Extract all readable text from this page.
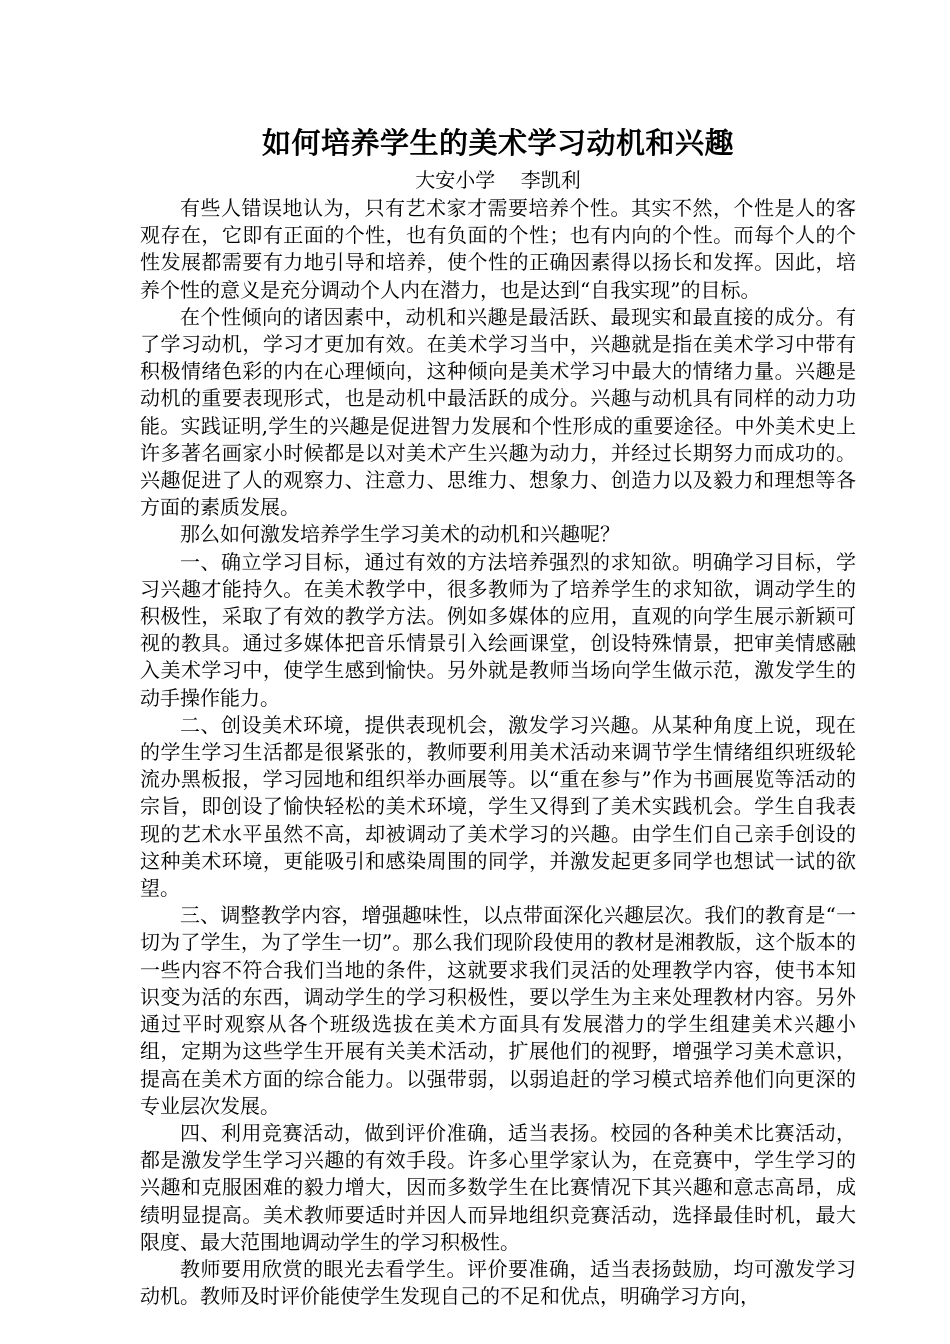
如何培养学生的美术学习动机和兴趣
大安小学    李凯利

有些人错误地认为，只有艺术家才需要培养个性。其实不然，个性是人的客观存在，它即有正面的个性，也有负面的个性；也有内向的个性。而每个人的个性发展都需要有力地引导和培养，使个性的正确因素得以扬长和发挥。因此，培养个性的意义是充分调动个人内在潜力，也是达到“自我实现”的目标。

在个性倾向的诸因素中，动机和兴趣是最活跃、最现实和最直接的成分。有了学习动机，学习才更加有效。在美术学习当中，兴趣就是指在美术学习中带有积极情绪色彩的内在心理倾向，这种倾向是美术学习中最大的情绪力量。兴趣是动机的重要表现形式，也是动机中最活跃的成分。兴趣与动机具有同样的动力功能。实践证明,学生的兴趣是促进智力发展和个性形成的重要途径。中外美术史上许多著名画家小时候都是以对美术产生兴趣为动力，并经过长期努力而成功的。兴趣促进了人的观察力、注意力、思维力、想象力、创造力以及毅力和理想等各方面的素质发展。

那么如何激发培养学生学习美术的动机和兴趣呢？

一、确立学习目标，通过有效的方法培养强烈的求知欲。明确学习目标，学习兴趣才能持久。在美术教学中，很多教师为了培养学生的求知欲，调动学生的积极性，采取了有效的教学方法。例如多媒体的应用，直观的向学生展示新颖可视的教具。通过多媒体把音乐情景引入绘画课堂，创设特殊情景，把审美情感融入美术学习中，使学生感到愉快。另外就是教师当场向学生做示范，激发学生的动手操作能力。

二、创设美术环境，提供表现机会，激发学习兴趣。从某种角度上说，现在的学生学习生活都是很紧张的，教师要利用美术活动来调节学生情绪组织班级轮流办黑板报，学习园地和组织举办画展等。以“重在参与”作为书画展览等活动的宗旨，即创设了愉快轻松的美术环境，学生又得到了美术实践机会。学生自我表现的艺术水平虽然不高，却被调动了美术学习的兴趣。由学生们自己亲手创设的这种美术环境，更能吸引和感染周围的同学，并激发起更多同学也想试一试的欲望。

三、调整教学内容，增强趣味性，以点带面深化兴趣层次。我们的教育是“一切为了学生，为了学生一切”。那么我们现阶段使用的教材是湘教版，这个版本的一些内容不符合我们当地的条件，这就要求我们灵活的处理教学内容，使书本知识变为活的东西，调动学生的学习积极性，要以学生为主来处理教材内容。另外通过平时观察从各个班级选拔在美术方面具有发展潜力的学生组建美术兴趣小组，定期为这些学生开展有关美术活动，扩展他们的视野，增强学习美术意识，提高在美术方面的综合能力。以强带弱，以弱追赶的学习模式培养他们向更深的专业层次发展。

四、利用竞赛活动，做到评价准确，适当表扬。校园的各种美术比赛活动，都是激发学生学习兴趣的有效手段。许多心里学家认为，在竞赛中，学生学习的兴趣和克服困难的毅力增大，因而多数学生在比赛情况下其兴趣和意志高昂，成绩明显提高。美术教师要适时并因人而异地组织竞赛活动，选择最佳时机，最大限度、最大范围地调动学生的学习积极性。

教师要用欣赏的眼光去看学生。评价要准确，适当表扬鼓励，均可激发学习动机。教师及时评价能使学生发现自己的不足和优点，明确学习方向，
